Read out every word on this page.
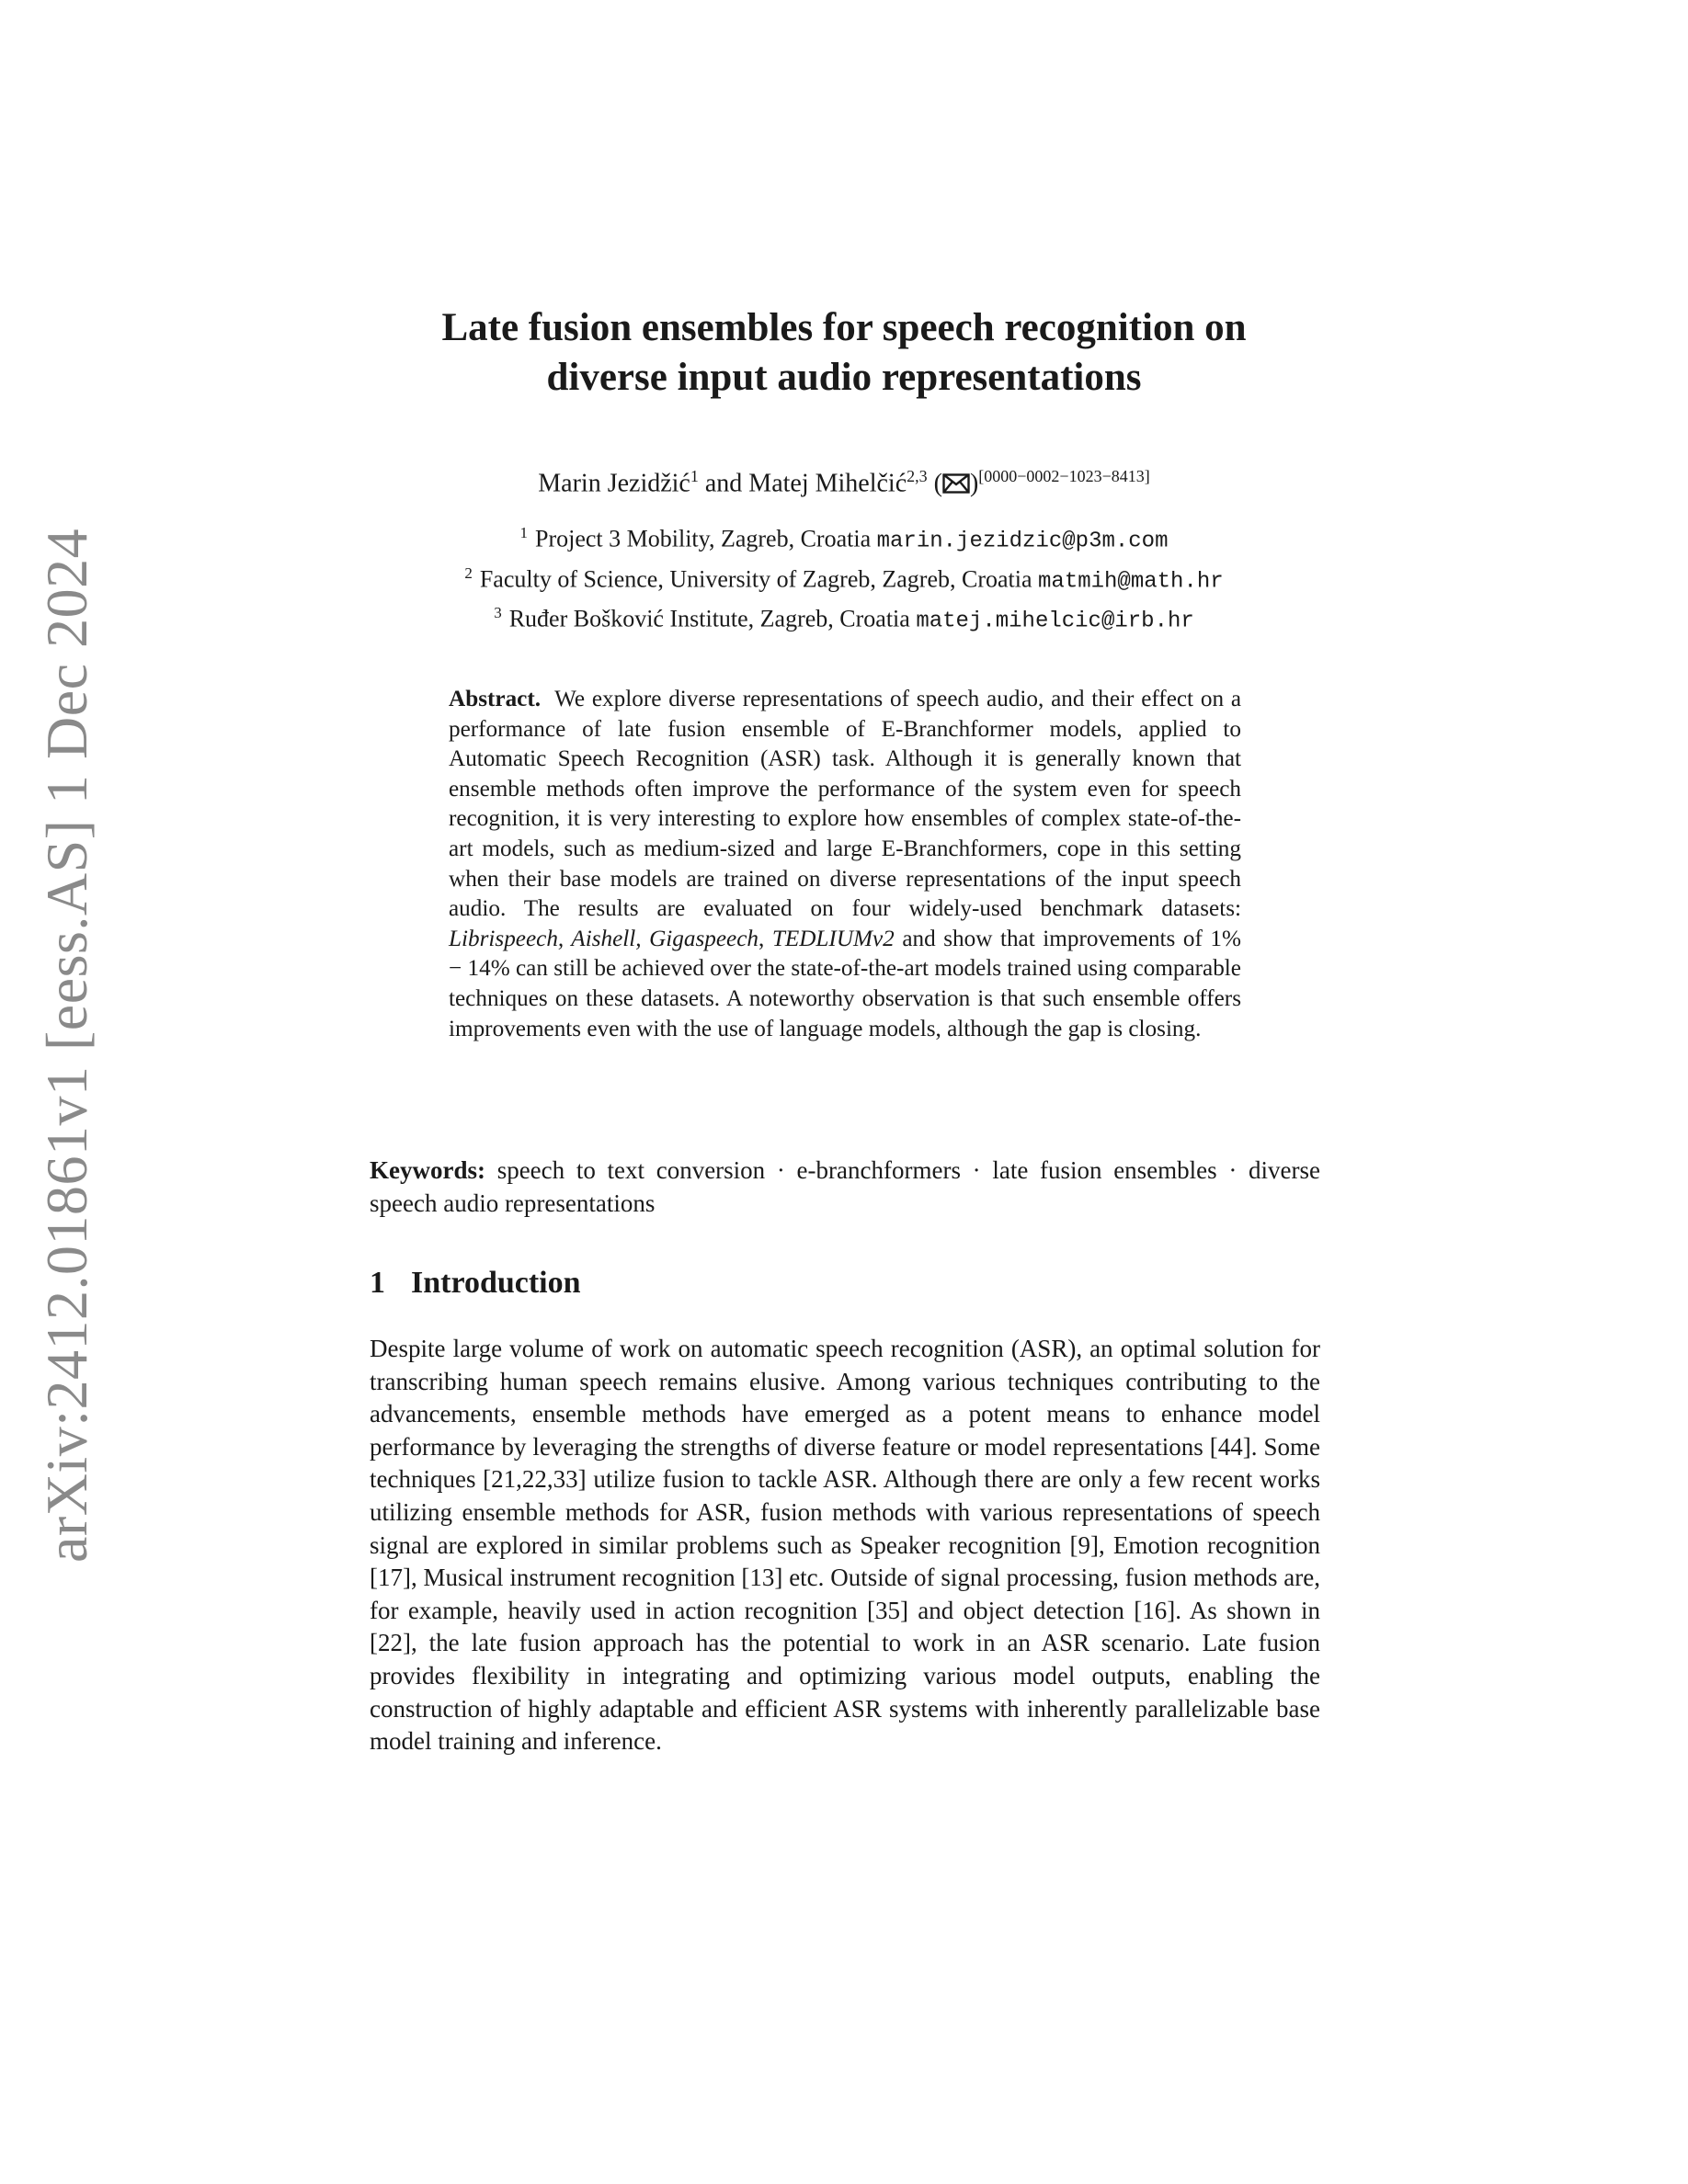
arXiv:2412.01861v1 [eess.AS] 1 Dec 2024
Late fusion ensembles for speech recognition on
diverse input audio representations
Marin Jezidžić$^1$ and Matej Mihelčić$^{2,3}$ ( )[0000−0002−1023−8413]
$^1$ Project 3 Mobility, Zagreb, Croatia marin.jezidzic@p3m.com
$^2$ Faculty of Science, University of Zagreb, Zagreb, Croatia matmih@math.hr
$^3$ Ruđer Bošković Institute, Zagreb, Croatia matej.mihelcic@irb.hr
Abstract. We explore diverse representations of speech audio, and their effect on a performance of late fusion ensemble of E-Branchformer models, applied to Automatic Speech Recognition (ASR) task. Although it is generally known that ensemble methods often improve the performance of the system even for speech recognition, it is very interesting to explore how ensembles of complex state-of-the-art models, such as medium-sized and large E-Branchformers, cope in this setting when their base models are trained on diverse representations of the input speech audio. The results are evaluated on four widely-used benchmark datasets: Librispeech, Aishell, Gigaspeech, TEDLIUMv2 and show that improvements of 1% − 14% can still be achieved over the state-of-the-art models trained using comparable techniques on these datasets. A noteworthy observation is that such ensemble offers improvements even with the use of language models, although the gap is closing.
Keywords: speech to text conversion · e-branchformers · late fusion ensembles · diverse speech audio representations
1 Introduction
Despite large volume of work on automatic speech recognition (ASR), an optimal solution for transcribing human speech remains elusive. Among various techniques contributing to the advancements, ensemble methods have emerged as a potent means to enhance model performance by leveraging the strengths of diverse feature or model representations [44]. Some techniques [21,22,33] utilize fusion to tackle ASR. Although there are only a few recent works utilizing ensemble methods for ASR, fusion methods with various representations of speech signal are explored in similar problems such as Speaker recognition [9], Emotion recognition [17], Musical instrument recognition [13] etc. Outside of signal processing, fusion methods are, for example, heavily used in action recognition [35] and object detection [16]. As shown in [22], the late fusion approach has the potential to work in an ASR scenario. Late fusion provides flexibility in integrating and optimizing various model outputs, enabling the construction of highly adaptable and efficient ASR systems with inherently parallelizable base model training and inference.
